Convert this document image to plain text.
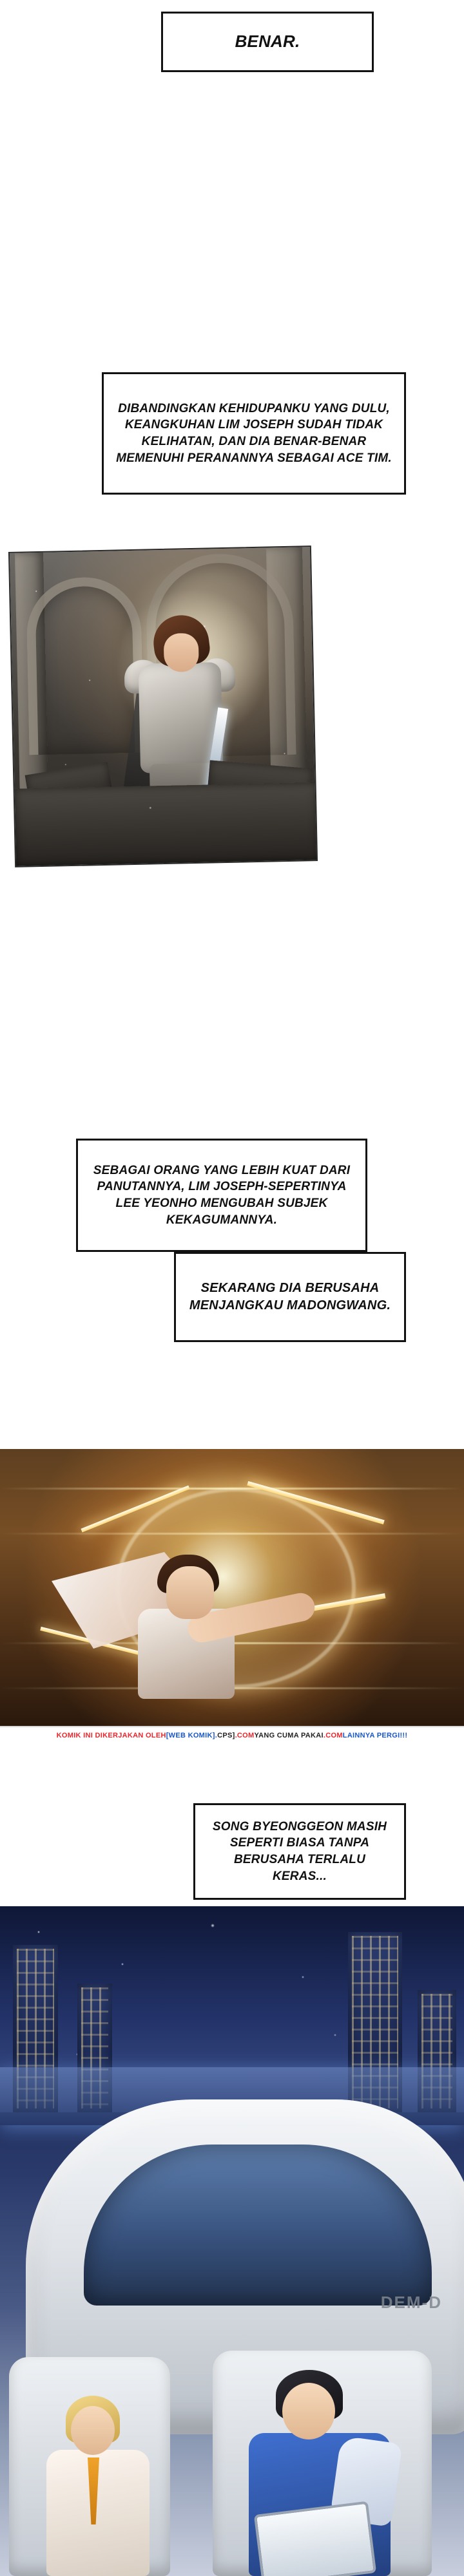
BENAR.
DIBANDINGKAN KEHIDUPANKU YANG DULU, KEANGKUHAN LIM JOSEPH SUDAH TIDAK KELIHATAN, DAN DIA BENAR-BENAR MEMENUHI PERANANNYA SEBAGAI ACE TIM.
SEBAGAI ORANG YANG LEBIH KUAT DARI PANUTANNYA, LIM JOSEPH-SEPERTINYA LEE YEONHO MENGUBAH SUBJEK KEKAGUMANNYA.
SEKARANG DIA BERUSAHA MENJANGKAU MADONGWANG.
KOMIK INI DIKERJAKAN OLEH [WEB KOMIK]. CPS] .COM YANG CUMA PAKAI .COM LAINNYA PERGI!!!
SONG BYEONGGEON MASIH SEPERTI BIASA TANPA BERUSAHA TERLALU KERAS...
DEM-D
